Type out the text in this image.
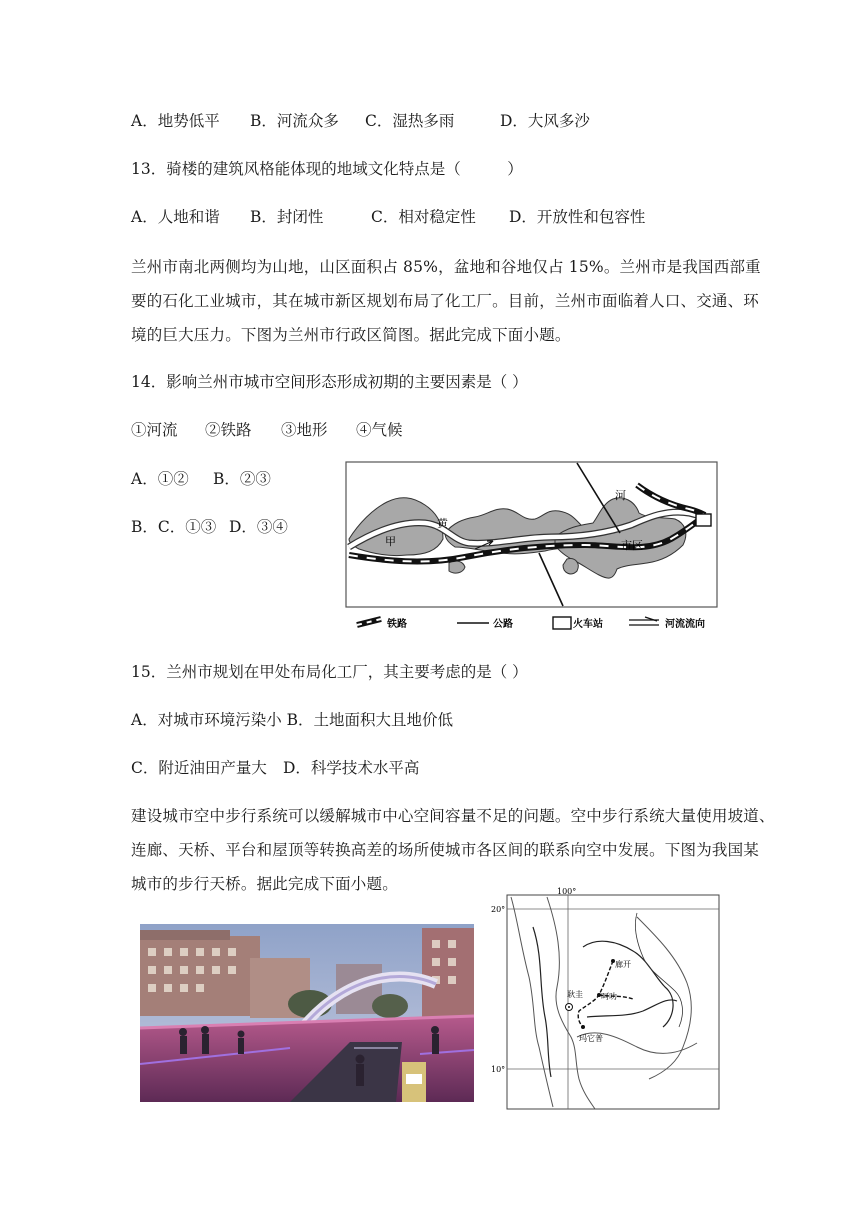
A．地势低平 B．河流众多 C．湿热多雨	D．大风多沙
13．骑楼的建筑风格能体现的地域文化特点是（　　　）
A．人地和谐 B．封闭性	C．相对稳定性 D．开放性和包容性
兰州市南北两侧均为山地，山区面积占 85%，盆地和谷地仅占 15%。兰州市是我国西部重
要的石化工业城市，其在城市新区规划布局了化工厂。目前，兰州市面临着人口、交通、环
境的巨大压力。下图为兰州市行政区简图。据此完成下面小题。
14．影响兰州市城市空间形态形成初期的主要因素是（ ）
①河流 ②铁路 ③地形 ④气候
A．①② B．②③
B．C．①③ D．③④
甲
黄
河
市区
铁路	公路	火车站	河流流向
15．兰州市规划在甲处布局化工厂，其主要考虑的是（ ）
A．对城市环境污染小 B．土地面积大且地价低
C．附近油田产量大 D．科学技术水平高
建设城市空中步行系统可以缓解城市中心空间容量不足的问题。空中步行系统大量使用坡道、
连廊、天桥、平台和屋顶等转换高差的场所使城市各区间的联系向空中发展。下图为我国某
城市的步行天桥。据此完成下面小题。	100°
20°
10°
廊开
耿圭 呵叻
玛它普
